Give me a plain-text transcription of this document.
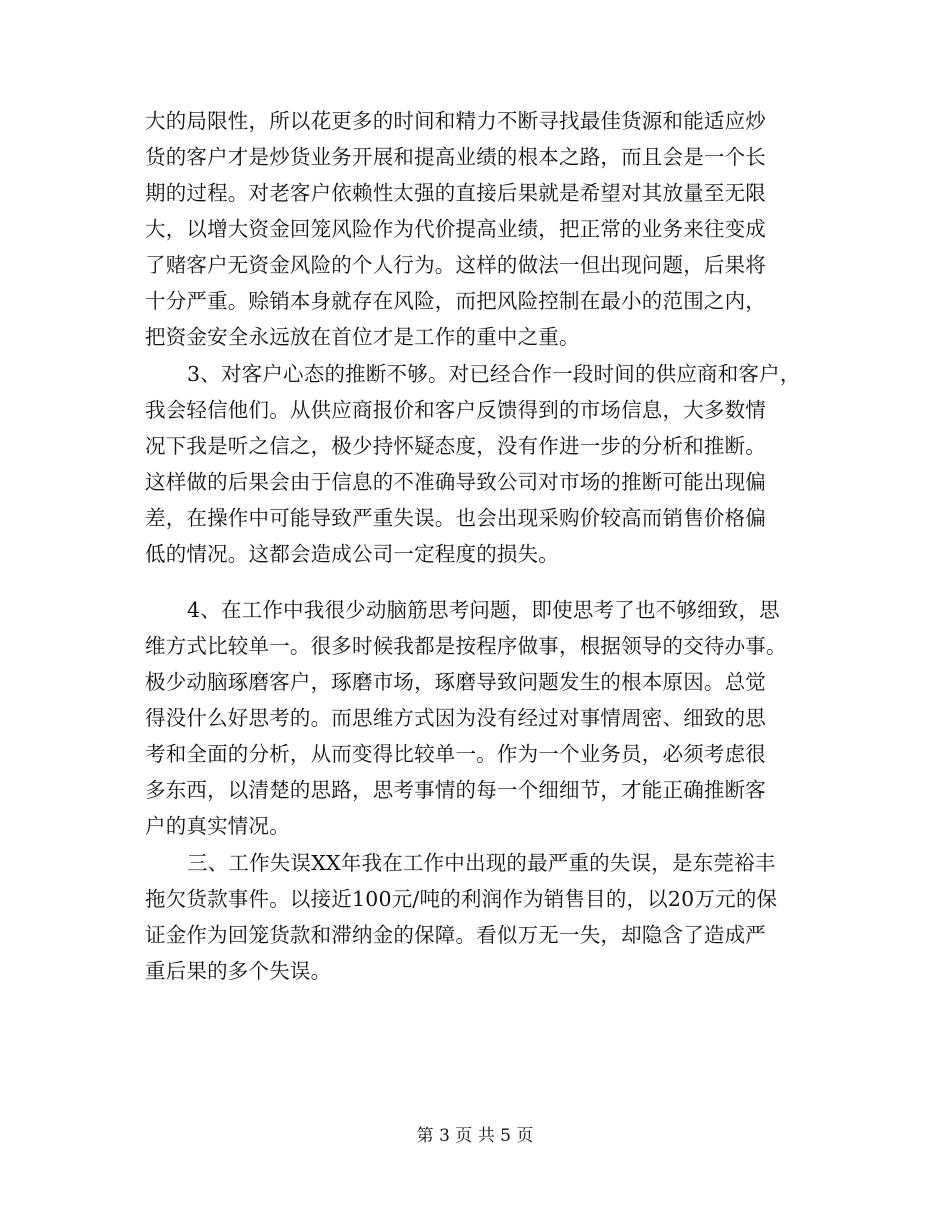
大的局限性，所以花更多的时间和精力不断寻找最佳货源和能适应炒
货的客户才是炒货业务开展和提高业绩的根本之路，而且会是一个长
期的过程。对老客户依赖性太强的直接后果就是希望对其放量至无限
大，以增大资金回笼风险作为代价提高业绩，把正常的业务来往变成
了赌客户无资金风险的个人行为。这样的做法一但出现问题，后果将
十分严重。赊销本身就存在风险，而把风险控制在最小的范围之内，
把资金安全永远放在首位才是工作的重中之重。
3、对客户心态的推断不够。对已经合作一段时间的供应商和客户，
我会轻信他们。从供应商报价和客户反馈得到的市场信息，大多数情
况下我是听之信之，极少持怀疑态度，没有作进一步的分析和推断。
这样做的后果会由于信息的不准确导致公司对市场的推断可能出现偏
差，在操作中可能导致严重失误。也会出现采购价较高而销售价格偏
低的情况。这都会造成公司一定程度的损失。
4、在工作中我很少动脑筋思考问题，即使思考了也不够细致，思
维方式比较单一。很多时候我都是按程序做事，根据领导的交待办事。
极少动脑琢磨客户，琢磨市场，琢磨导致问题发生的根本原因。总觉
得没什么好思考的。而思维方式因为没有经过对事情周密、细致的思
考和全面的分析，从而变得比较单一。作为一个业务员，必须考虑很
多东西，以清楚的思路，思考事情的每一个细细节，才能正确推断客
户的真实情况。
三、工作失误XX年我在工作中出现的最严重的失误，是东莞裕丰
拖欠货款事件。以接近100元/吨的利润作为销售目的，以20万元的保
证金作为回笼货款和滞纳金的保障。看似万无一失，却隐含了造成严
重后果的多个失误。
第 3 页 共 5 页
